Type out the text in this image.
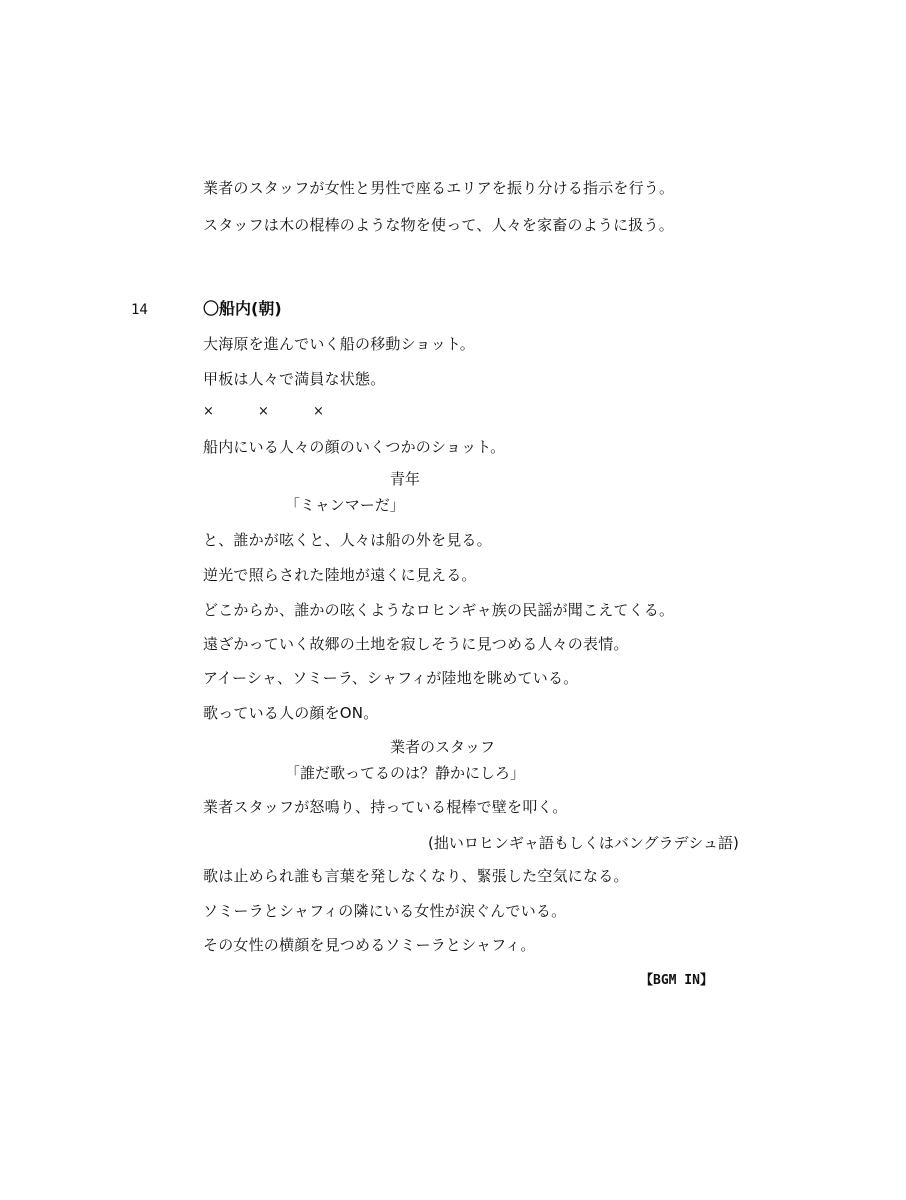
業者のスタッフが女性と男性で座るエリアを振り分ける指示を行う。
スタッフは木の棍棒のような物を使って、人々を家畜のように扱う。
14	〇船内(朝)
大海原を進んでいく船の移動ショット。
甲板は人々で満員な状態。
×	×	×
船内にいる人々の顔のいくつかのショット。
青年
「ミャンマーだ」
と、誰かが呟くと、人々は船の外を見る。
逆光で照らされた陸地が遠くに見える。
どこからか、誰かの呟くようなロヒンギャ族の民謡が聞こえてくる。
遠ざかっていく故郷の土地を寂しそうに見つめる人々の表情。
アイーシャ、ソミーラ、シャフィが陸地を眺めている。
歌っている人の顔をON。
業者のスタッフ
「誰だ歌ってるのは？静かにしろ」
業者スタッフが怒鳴り、持っている棍棒で壁を叩く。
(拙いロヒンギャ語もしくはバングラデシュ語)
歌は止められ誰も言葉を発しなくなり、緊張した空気になる。
ソミーラとシャフィの隣にいる女性が涙ぐんでいる。
その女性の横顔を見つめるソミーラとシャフィ。
【BGM IN】
